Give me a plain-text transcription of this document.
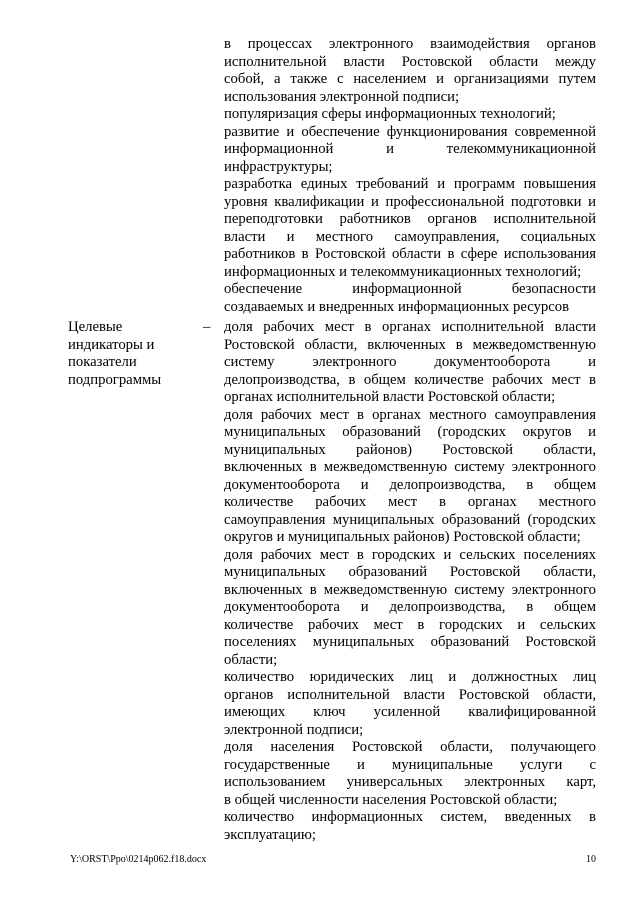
в процессах электронного взаимодействия органов
исполнительной власти Ростовской области между
собой, а также с населением и организациями путем
использования электронной подписи;
популяризация сферы информационных технологий;
развитие и обеспечение функционирования современной
информационной и телекоммуникационной
инфраструктуры;
разработка единых требований и программ повышения
уровня квалификации и профессиональной подготовки и
переподготовки работников органов исполнительной
власти и местного самоуправления, социальных
работников в Ростовской области в сфере использования
информационных и телекоммуникационных технологий;
обеспечение информационной безопасности
создаваемых и внедренных информационных ресурсов
Целевые
индикаторы и
показатели
подпрограммы
– доля рабочих мест в органах исполнительной власти
Ростовской области, включенных в межведомственную
систему электронного документооборота и
делопроизводства, в общем количестве рабочих мест в
органах исполнительной власти Ростовской области;
доля рабочих мест в органах местного самоуправления
муниципальных образований (городских округов и
муниципальных районов) Ростовской области,
включенных в межведомственную систему электронного
документооборота и делопроизводства, в общем
количестве рабочих мест в органах местного
самоуправления муниципальных образований (городских
округов и муниципальных районов) Ростовской области;
доля рабочих мест в городских и сельских поселениях
муниципальных образований Ростовской области,
включенных в межведомственную систему электронного
документооборота и делопроизводства, в общем
количестве рабочих мест в городских и сельских
поселениях муниципальных образований Ростовской
области;
количество юридических лиц и должностных лиц
органов исполнительной власти Ростовской области,
имеющих ключ усиленной квалифицированной
электронной подписи;
доля населения Ростовской области, получающего
государственные и муниципальные услуги с
использованием универсальных электронных карт,
в общей численности населения Ростовской области;
количество информационных систем, введенных в
эксплуатацию;
Y:\ORST\Ppo\0214p062.f18.docx	10
